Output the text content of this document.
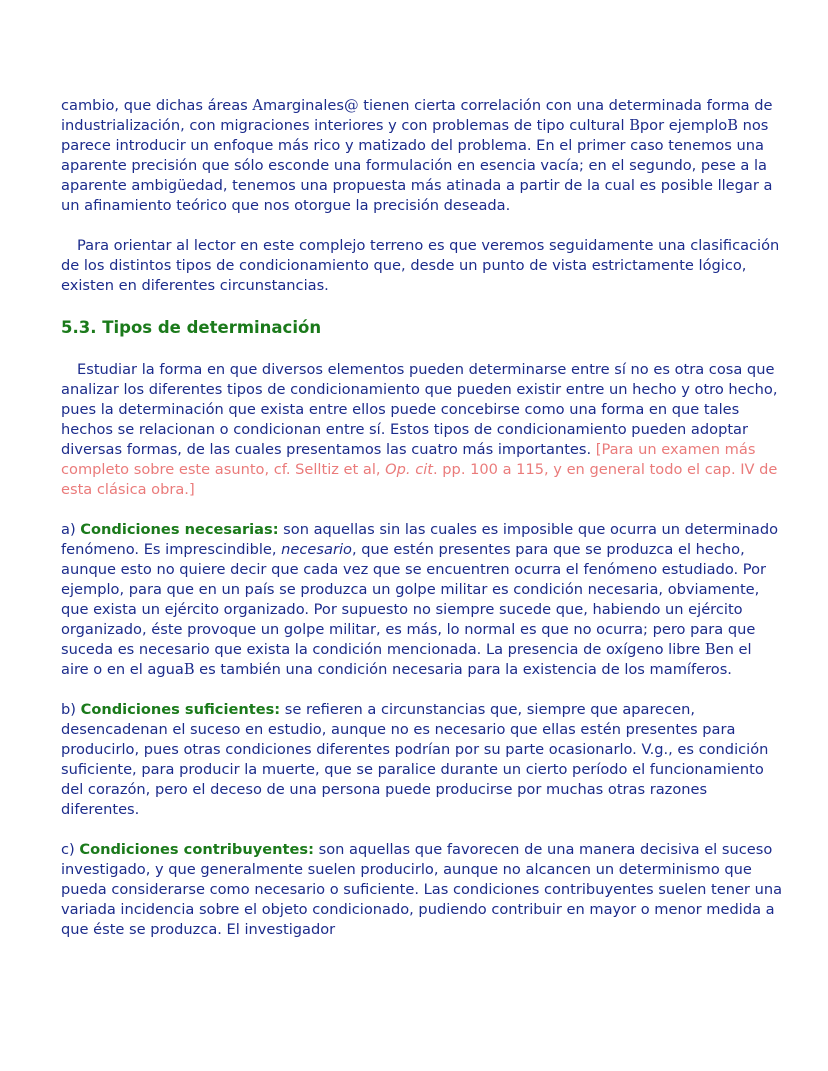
cambio, que dichas áreas Amarginales@ tienen cierta correlación con una determinada forma de industrialización, con migraciones interiores y con problemas de tipo cultural Bpor ejemploB nos parece introducir un enfoque más rico y matizado del problema. En el primer caso tenemos una aparente precisión que sólo esconde una formulación en esencia vacía; en el segundo, pese a la aparente ambigüedad, tenemos una propuesta más atinada a partir de la cual es posible llegar a un afinamiento teórico que nos otorgue la precisión deseada.

Para orientar al lector en este complejo terreno es que veremos seguidamente una clasificación de los distintos tipos de condicionamiento que, desde un punto de vista estrictamente lógico, existen en diferentes circunstancias.

5.3. Tipos de determinación

Estudiar la forma en que diversos elementos pueden determinarse entre sí no es otra cosa que analizar los diferentes tipos de condicionamiento que pueden existir entre un hecho y otro hecho, pues la determinación que exista entre ellos puede concebirse como una forma en que tales hechos se relacionan o condicionan entre sí. Estos tipos de condicionamiento pueden adoptar diversas formas, de las cuales presentamos las cuatro más importantes. [Para un examen más completo sobre este asunto, cf. Selltiz et al, Op. cit. pp. 100 a 115, y en general todo el cap. IV de esta clásica obra.]

a) Condiciones necesarias: son aquellas sin las cuales es imposible que ocurra un determinado fenómeno. Es imprescindible, necesario, que estén presentes para que se produzca el hecho, aunque esto no quiere decir que cada vez que se encuentren ocurra el fenómeno estudiado. Por ejemplo, para que en un país se produzca un golpe militar es condición necesaria, obviamente, que exista un ejército organizado. Por supuesto no siempre sucede que, habiendo un ejército organizado, éste provoque un golpe militar, es más, lo normal es que no ocurra; pero para que suceda es necesario que exista la condición mencionada. La presencia de oxígeno libre Ben el aire o en el aguaB es también una condición necesaria para la existencia de los mamíferos.

b) Condiciones suficientes: se refieren a circunstancias que, siempre que aparecen, desencadenan el suceso en estudio, aunque no es necesario que ellas estén presentes para producirlo, pues otras condiciones diferentes podrían por su parte ocasionarlo. V.g., es condición suficiente, para producir la muerte, que se paralice durante un cierto período el funcionamiento del corazón, pero el deceso de una persona puede producirse por muchas otras razones diferentes.

c) Condiciones contribuyentes: son aquellas que favorecen de una manera decisiva el suceso investigado, y que generalmente suelen producirlo, aunque no alcancen un determinismo que pueda considerarse como necesario o suficiente. Las condiciones contribuyentes suelen tener una variada incidencia sobre el objeto condicionado, pudiendo contribuir en mayor o menor medida a que éste se produzca. El investigador
